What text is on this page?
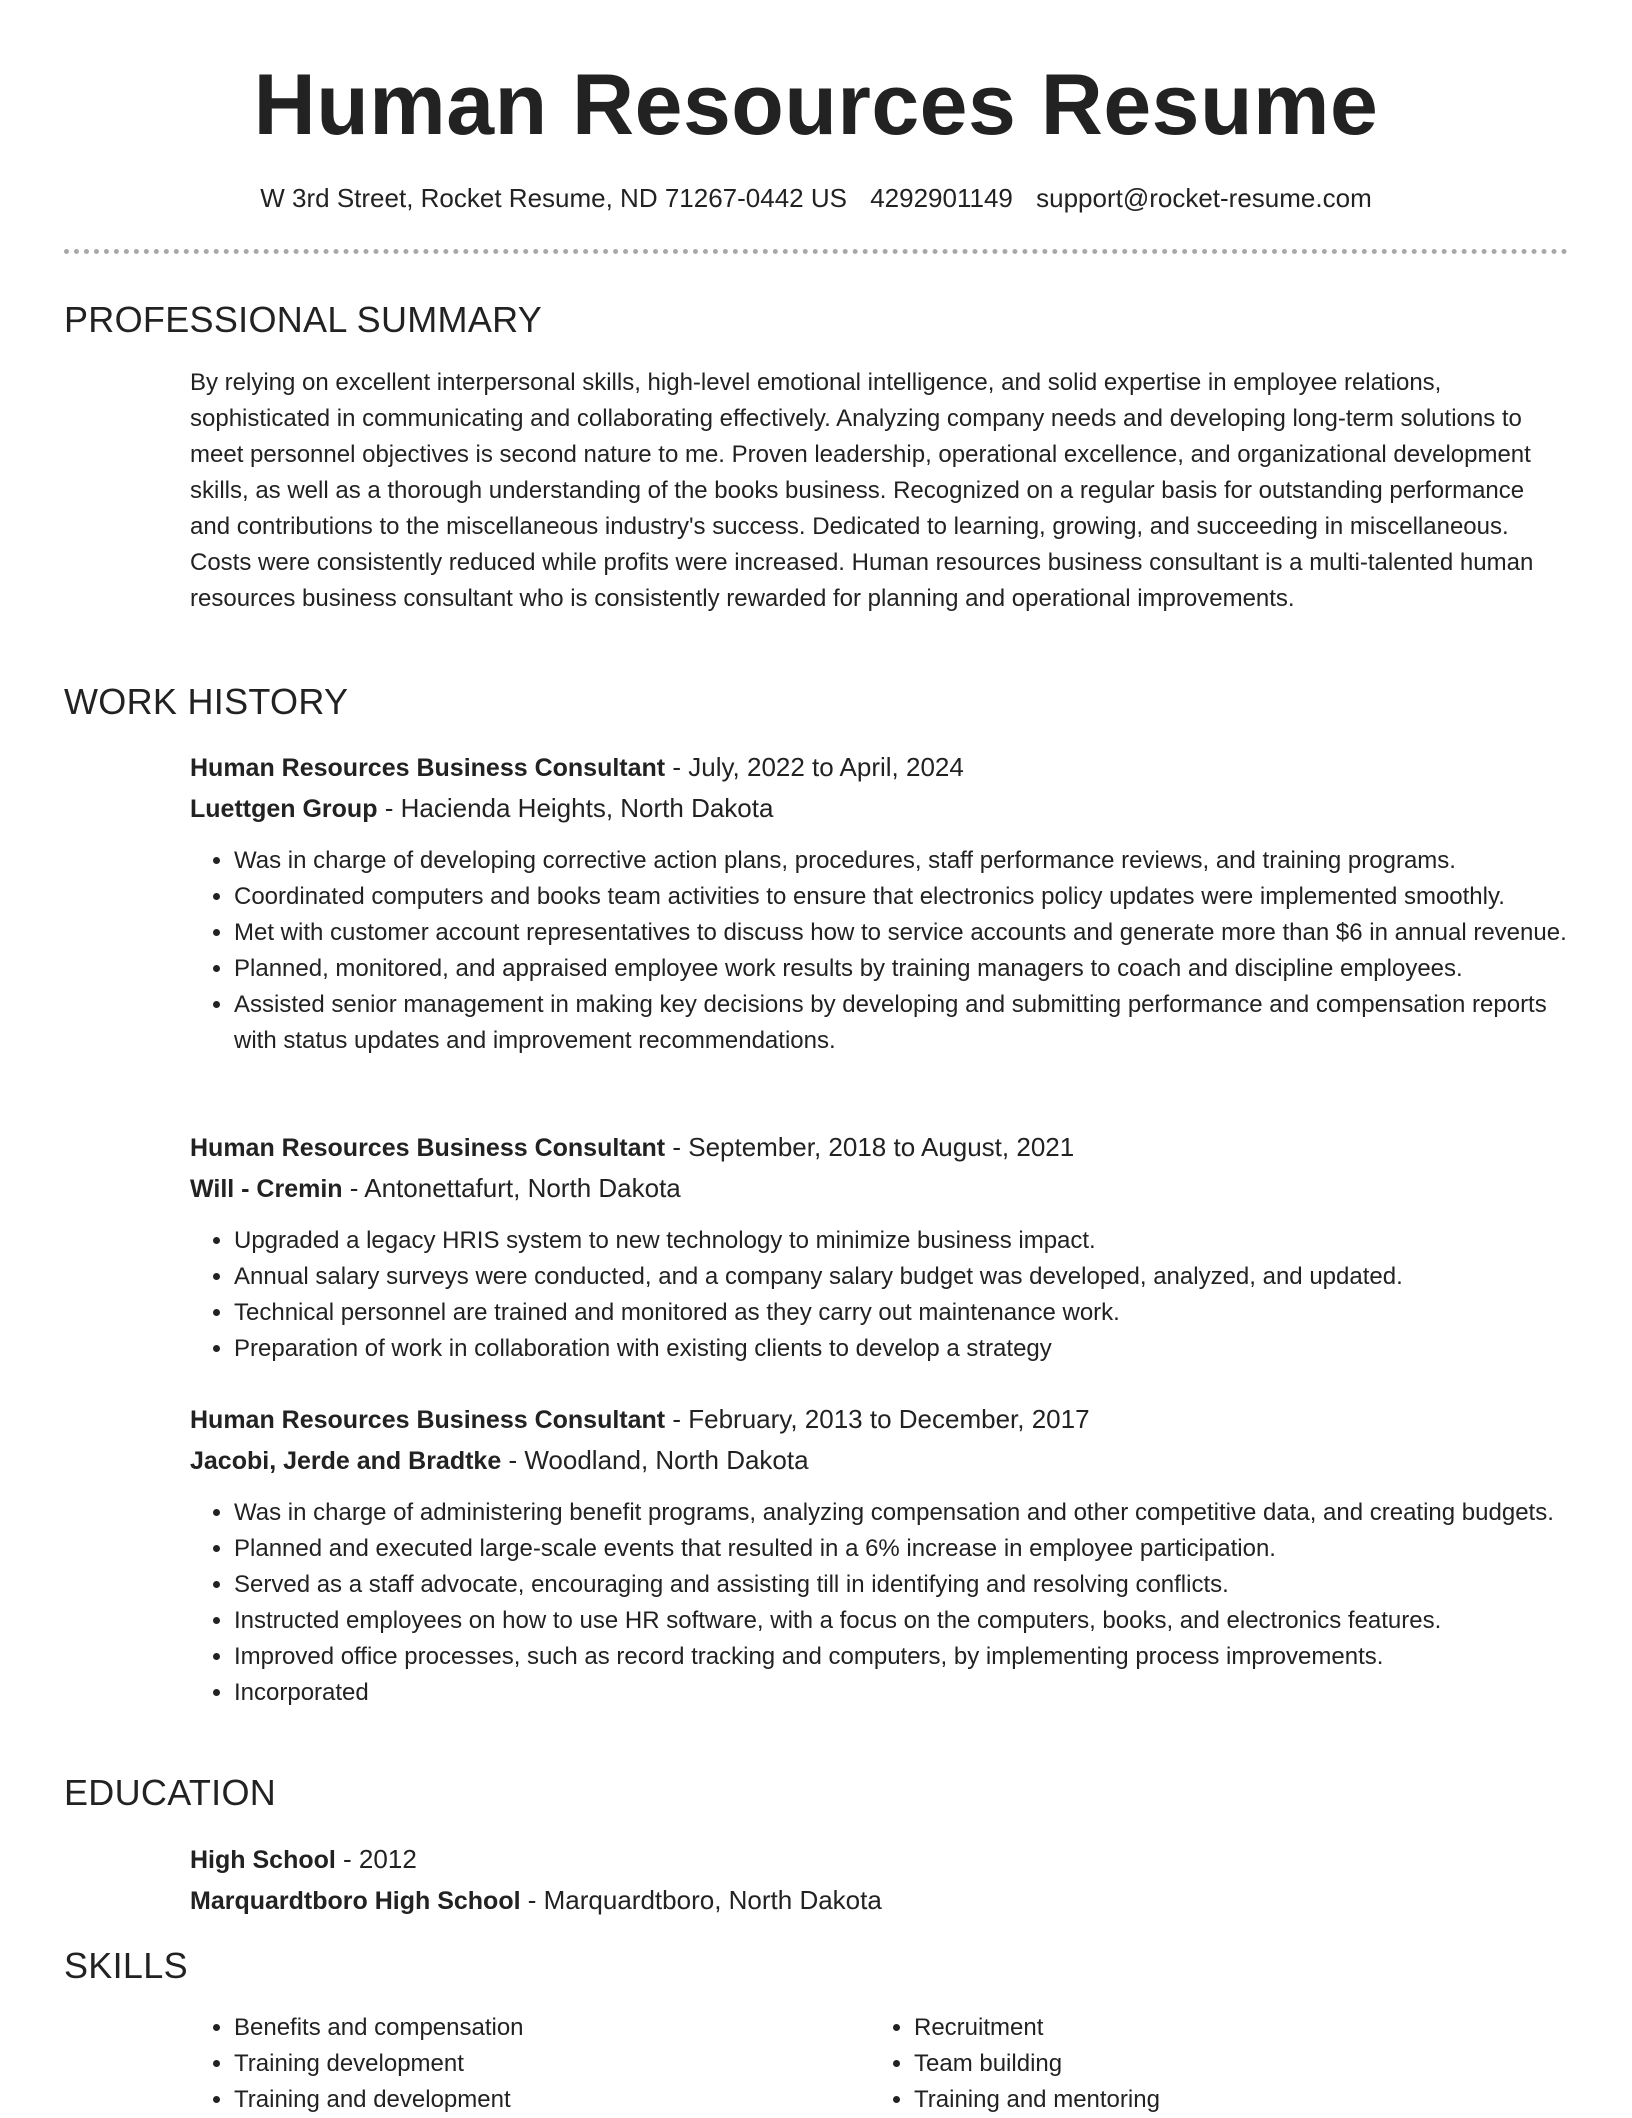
Human Resources Resume
W 3rd Street, Rocket Resume, ND 71267-0442 US 4292901149 support@rocket-resume.com
PROFESSIONAL SUMMARY
By relying on excellent interpersonal skills, high-level emotional intelligence, and solid expertise in employee relations, sophisticated in communicating and collaborating effectively. Analyzing company needs and developing long-term solutions to meet personnel objectives is second nature to me. Proven leadership, operational excellence, and organizational development skills, as well as a thorough understanding of the books business. Recognized on a regular basis for outstanding performance and contributions to the miscellaneous industry's success. Dedicated to learning, growing, and succeeding in miscellaneous. Costs were consistently reduced while profits were increased. Human resources business consultant is a multi-talented human resources business consultant who is consistently rewarded for planning and operational improvements.
WORK HISTORY
Human Resources Business Consultant - July, 2022 to April, 2024
Luettgen Group - Hacienda Heights, North Dakota
• Was in charge of developing corrective action plans, procedures, staff performance reviews, and training programs.
• Coordinated computers and books team activities to ensure that electronics policy updates were implemented smoothly.
• Met with customer account representatives to discuss how to service accounts and generate more than $6 in annual revenue.
• Planned, monitored, and appraised employee work results by training managers to coach and discipline employees.
• Assisted senior management in making key decisions by developing and submitting performance and compensation reports with status updates and improvement recommendations.
Human Resources Business Consultant - September, 2018 to August, 2021
Will - Cremin - Antonettafurt, North Dakota
• Upgraded a legacy HRIS system to new technology to minimize business impact.
• Annual salary surveys were conducted, and a company salary budget was developed, analyzed, and updated.
• Technical personnel are trained and monitored as they carry out maintenance work.
• Preparation of work in collaboration with existing clients to develop a strategy
Human Resources Business Consultant - February, 2013 to December, 2017
Jacobi, Jerde and Bradtke - Woodland, North Dakota
• Was in charge of administering benefit programs, analyzing compensation and other competitive data, and creating budgets.
• Planned and executed large-scale events that resulted in a 6% increase in employee participation.
• Served as a staff advocate, encouraging and assisting till in identifying and resolving conflicts.
• Instructed employees on how to use HR software, with a focus on the computers, books, and electronics features.
• Improved office processes, such as record tracking and computers, by implementing process improvements.
• Incorporated
EDUCATION
High School - 2012
Marquardtboro High School - Marquardtboro, North Dakota
SKILLS
• Benefits and compensation
• Training development
• Training and development
• Recruitment
• Team building
• Training and mentoring
